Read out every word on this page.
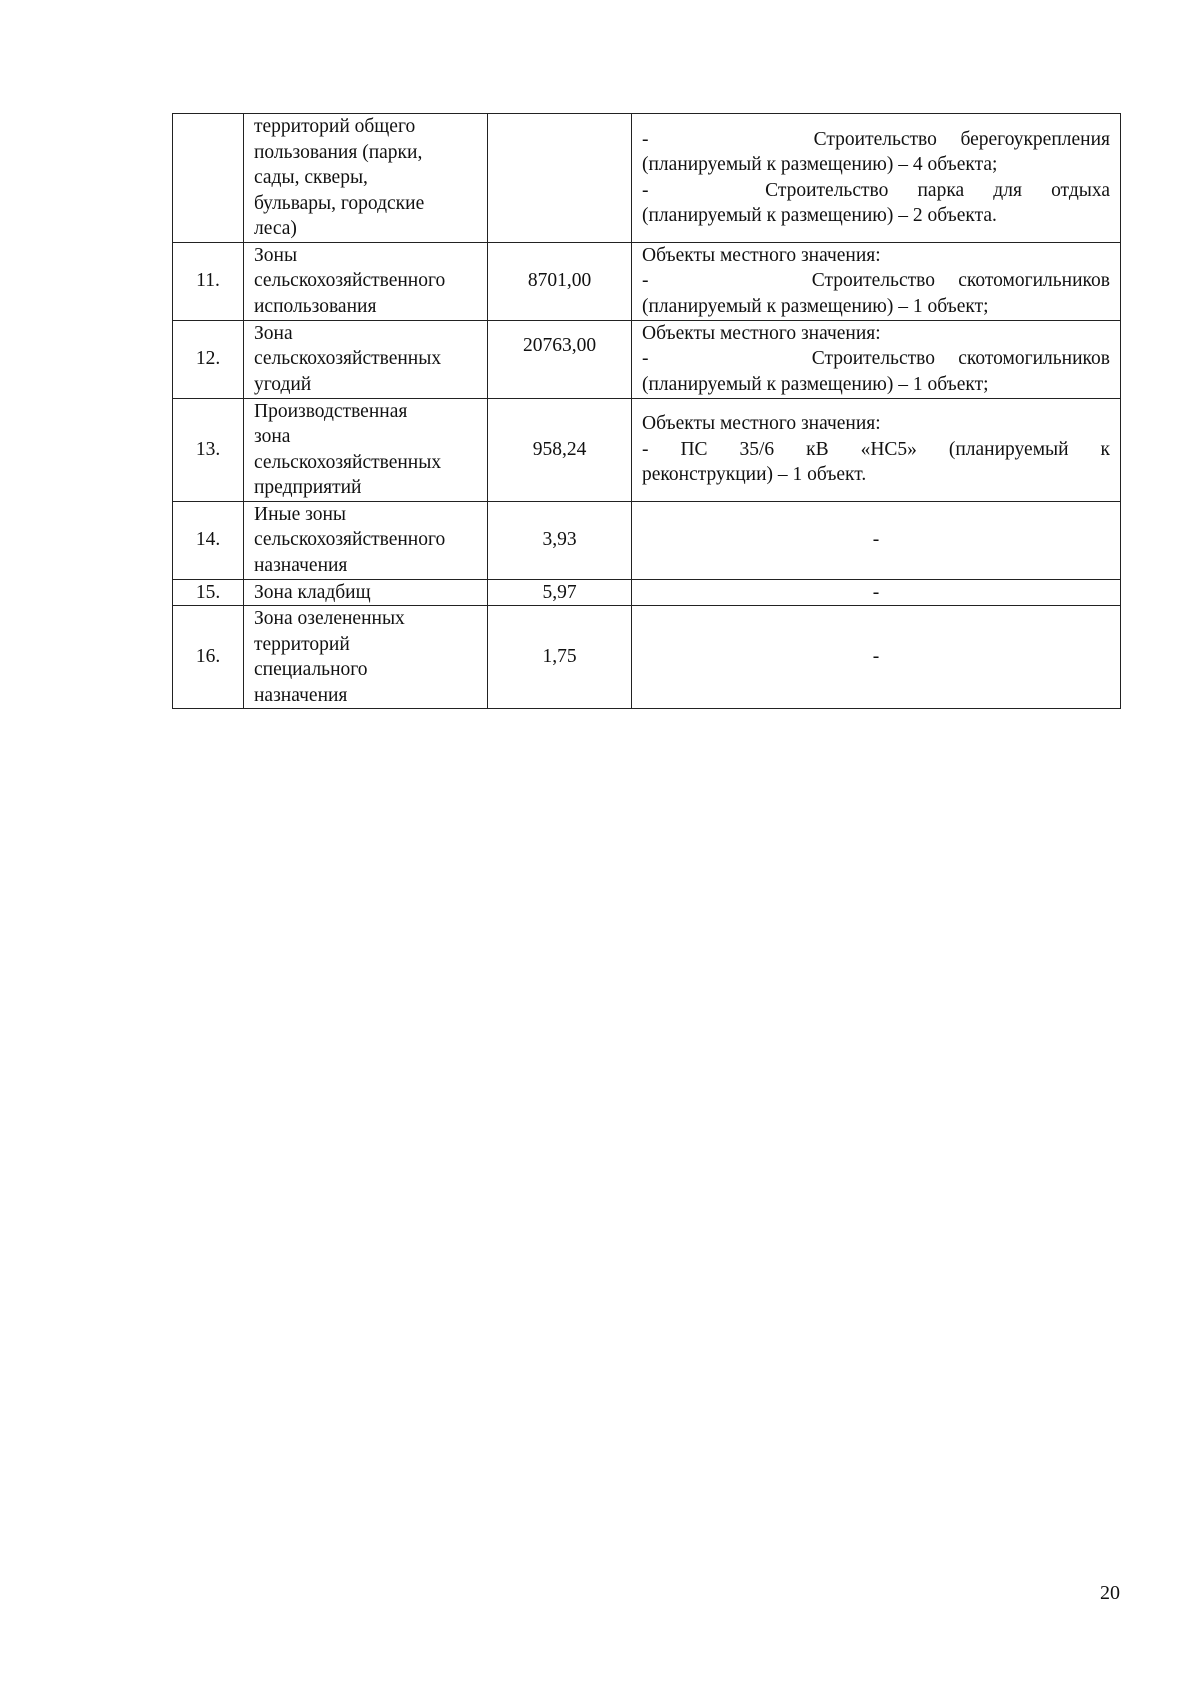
	территорий общего
пользования (парки,
сады, скверы,
бульвары, городские
леса)		-       Строительство берегоукрепления
(планируемый к размещению) – 4 объекта;
-    Строительство парка для отдыха
(планируемый к размещению) – 2 объекта.

11.	Зоны
сельскохозяйственного
использования	8701,00	Объекты местного значения:
-       Строительство скотомогильников
(планируемый к размещению) – 1 объект;

12.	Зона
сельскохозяйственных
угодий	20763,00	Объекты местного значения:
-       Строительство скотомогильников
(планируемый к размещению) – 1 объект;

13.	Производственная
зона
сельскохозяйственных
предприятий	958,24	Объекты местного значения:
- ПС 35/6 кВ «НС5» (планируемый к
реконструкции) – 1 объект.

14.	Иные зоны
сельскохозяйственного
назначения	3,93	-

15.	Зона кладбищ	5,97	-

16.	Зона озелененных
территорий
специального
назначения	1,75	-
20
